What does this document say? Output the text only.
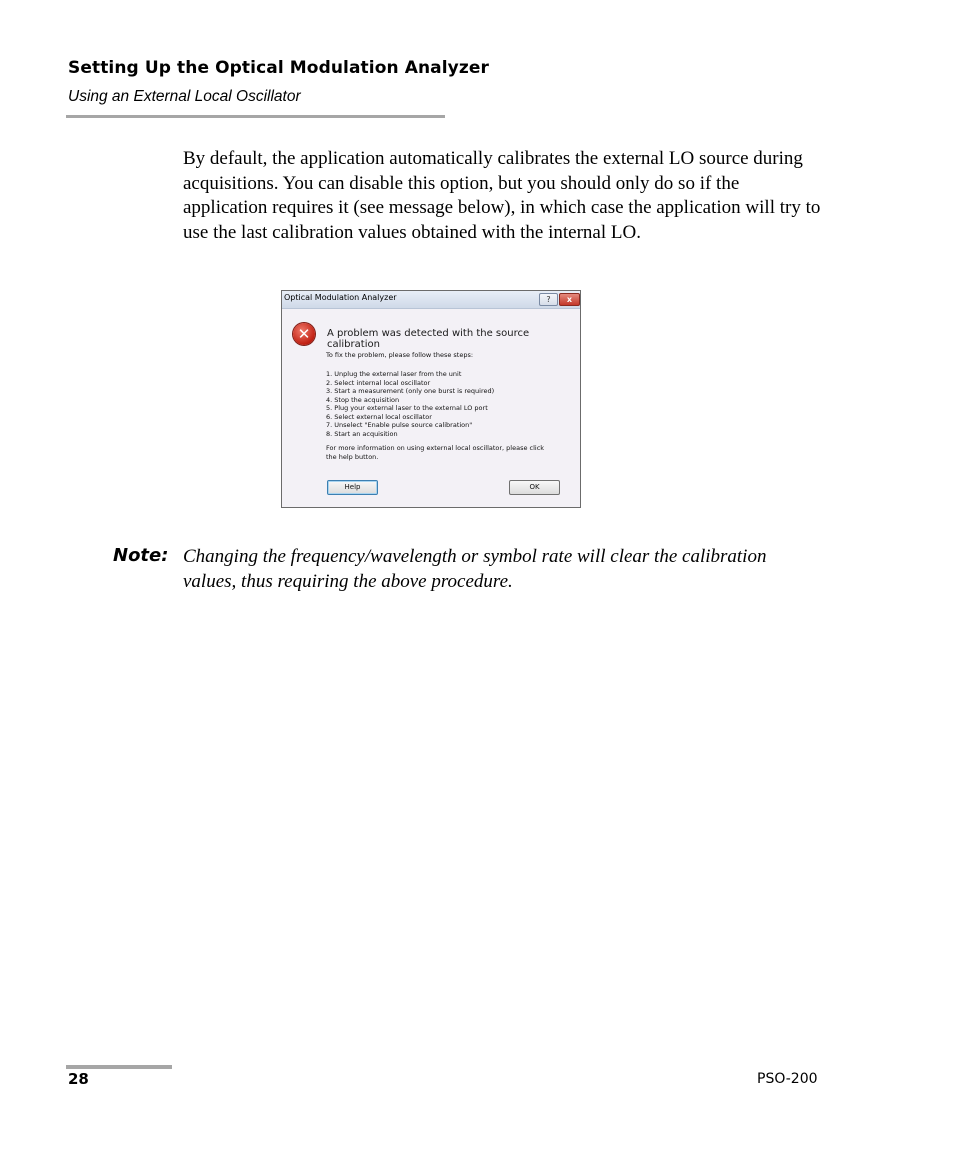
Setting Up the Optical Modulation Analyzer
Using an External Local Oscillator
By default, the application automatically calibrates the external LO source during acquisitions. You can disable this option, but you should only do so if the application requires it (see message below), in which case the application will try to use the last calibration values obtained with the internal LO.
Optical Modulation Analyzer	?	x
✕	A problem was detected with the source calibration
To fix the problem, please follow these steps:
1. Unplug the external laser from the unit
2. Select internal local oscillator
3. Start a measurement (only one burst is required)
4. Stop the acquisition
5. Plug your external laser to the external LO port
6. Select external local oscillator
7. Unselect "Enable pulse source calibration"
8. Start an acquisition
For more information on using external local oscillator, please click the help button.
Help	OK
Note: Changing the frequency/wavelength or symbol rate will clear the calibration values, thus requiring the above procedure.
28	PSO-200
